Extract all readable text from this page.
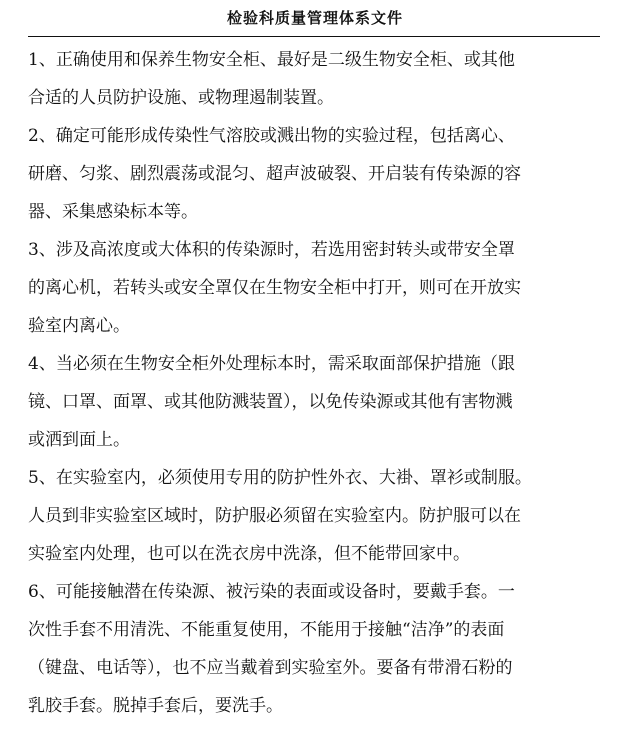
检验科质量管理体系文件
1、正确使用和保养生物安全柜、最好是二级生物安全柜、或其他
合适的人员防护设施、或物理遏制装置。
2、确定可能形成传染性气溶胶或溅出物的实验过程，包括离心、
研磨、匀浆、剧烈震荡或混匀、超声波破裂、开启装有传染源的容
器、采集感染标本等。
3、涉及高浓度或大体积的传染源时，若选用密封转头或带安全罩
的离心机，若转头或安全罩仅在生物安全柜中打开，则可在开放实
验室内离心。
4、当必须在生物安全柜外处理标本时，需采取面部保护措施（跟
镜、口罩、面罩、或其他防溅装置），以免传染源或其他有害物溅
或洒到面上。
5、在实验室内，必须使用专用的防护性外衣、大褂、罩衫或制服。
人员到非实验室区域时，防护服必须留在实验室内。防护服可以在
实验室内处理，也可以在洗衣房中洗涤，但不能带回家中。
6、可能接触潜在传染源、被污染的表面或设备时，要戴手套。一
次性手套不用清洗、不能重复使用，不能用于接触“洁净”的表面
（键盘、电话等），也不应当戴着到实验室外。要备有带滑石粉的
乳胶手套。脱掉手套后，要洗手。
